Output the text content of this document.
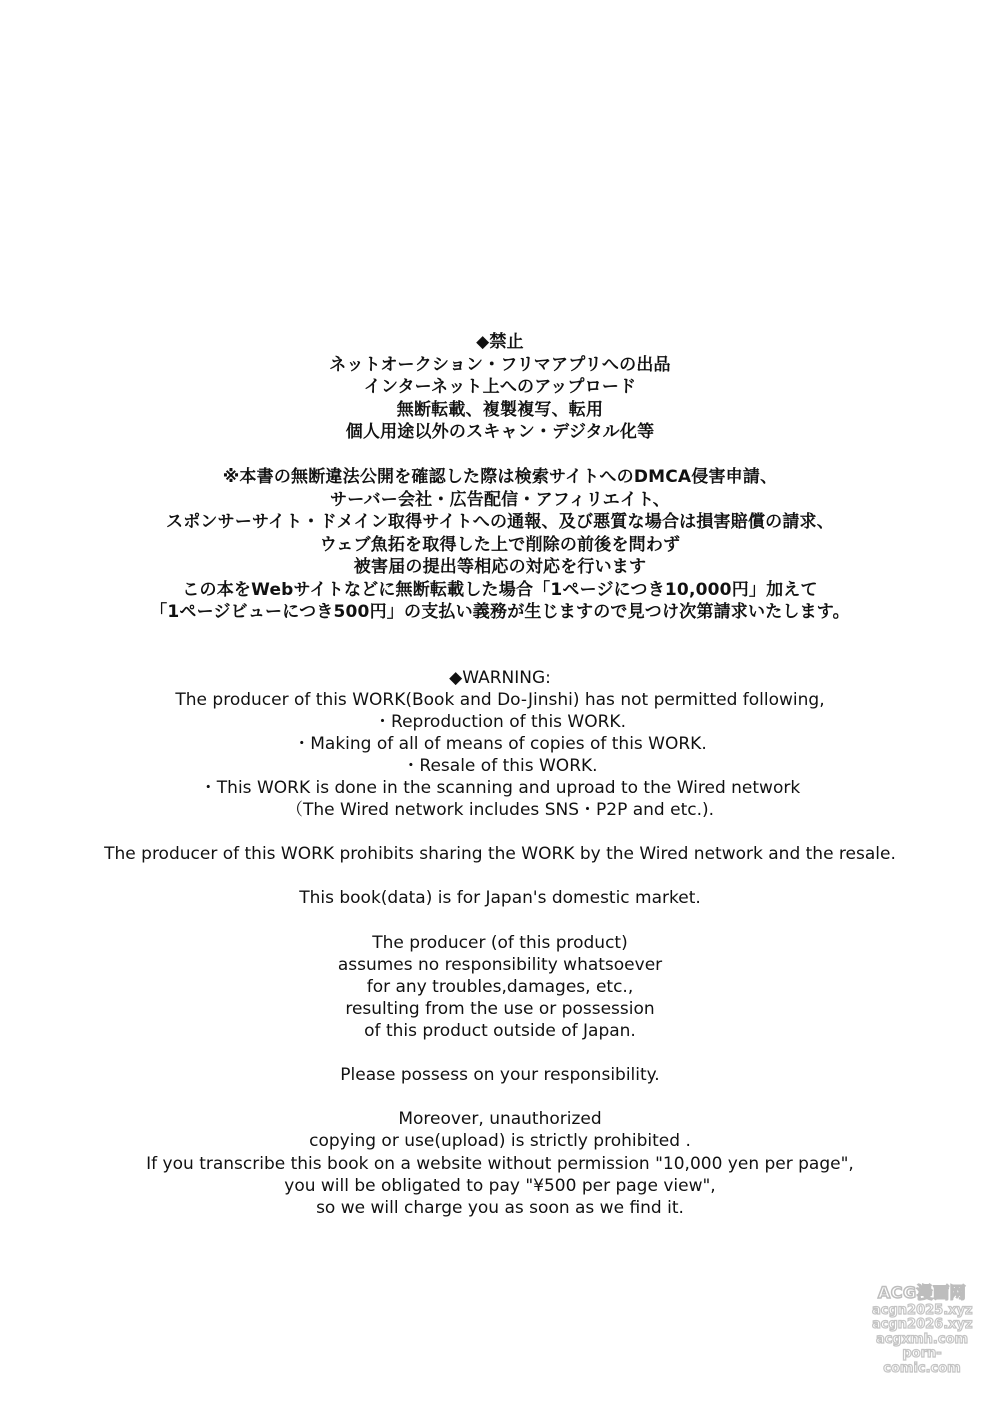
◆禁止
ネットオークション・フリマアプリへの出品
インターネット上へのアップロード
無断転載、複製複写、転用
個人用途以外のスキャン・デジタル化等
※本書の無断違法公開を確認した際は検索サイトへのDMCA侵害申請、
サーバー会社・広告配信・アフィリエイト、
スポンサーサイト・ドメイン取得サイトへの通報、及び悪質な場合は損害賠償の請求、
ウェブ魚拓を取得した上で削除の前後を問わず
被害届の提出等相応の対応を行います
この本をWebサイトなどに無断転載した場合「1ページにつき10,000円」加えて
「1ページビューにつき500円」の支払い義務が生じますので見つけ次第請求いたします。
◆WARNING:
The producer of this WORK(Book and Do-Jinshi) has not permitted following,
・Reproduction of this WORK.
・Making of all of means of copies of this WORK.
・Resale of this WORK.
・This WORK is done in the scanning and uproad to the Wired network
（The Wired network includes SNS・P2P and etc.).
The producer of this WORK prohibits sharing the WORK by the Wired network and the resale.
This book(data) is for Japan's domestic market.
The producer (of this product)
assumes no responsibility whatsoever
for any troubles,damages, etc.,
resulting from the use or possession
of this product outside of Japan.
Please possess on your responsibility.
Moreover, unauthorized
copying or use(upload) is strictly prohibited .
If you transcribe this book on a website without permission "10,000 yen per page",
you will be obligated to pay "¥500 per page view",
so we will charge you as soon as we find it.
ACG漫画网
acgn2025.xyz
acgn2026.xyz
acgxmh.com
porn-comic.com
